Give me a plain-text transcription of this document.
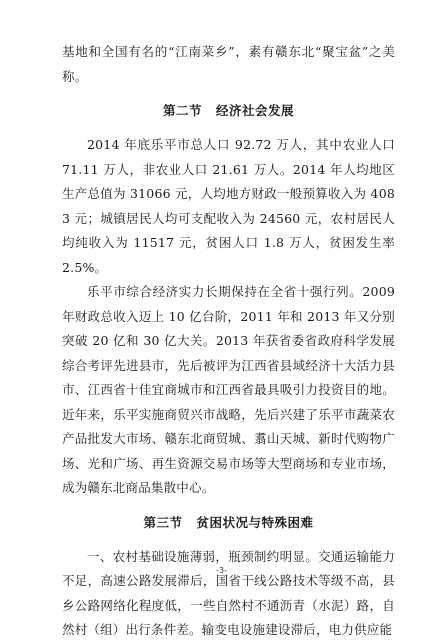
基地和全国有名的“江南菜乡”，素有赣东北“聚宝盆”之美称。

第二节 经济社会发展

2014 年底乐平市总人口 92.72 万人，其中农业人口 71.11 万人，非农业人口 21.61 万人。2014 年人均地区生产总值为 31066 元，人均地方财政一般预算收入为 4083 元；城镇居民人均可支配收入为 24560 元，农村居民人均纯收入为 11517 元，贫困人口 1.8 万人，贫困发生率 2.5%。

乐平市综合经济实力长期保持在全省十强行列。2009 年财政总收入迈上 10 亿台阶，2011 年和 2013 年又分别突破 20 亿和 30 亿大关。2013 年获省委省政府科学发展综合考评先进县市，先后被评为江西省县域经济十大活力县市、江西省十佳宜商城市和江西省最具吸引力投资目的地。近年来，乐平实施商贸兴市战略，先后兴建了乐平市蔬菜农产品批发大市场、赣东北商贸城、翥山天城、新时代购物广场、光和广场、再生资源交易市场等大型商场和专业市场，成为赣东北商品集散中心。

第三节 贫困状况与特殊困难

一、农村基础设施薄弱，瓶颈制约明显。交通运输能力不足，高速公路发展滞后，国省干线公路技术等级不高，县乡公路网络化程度低，一些自然村不通沥青（水泥）路，自然村（组）出行条件差。输变电设施建设滞后，电力供应能

-3-
